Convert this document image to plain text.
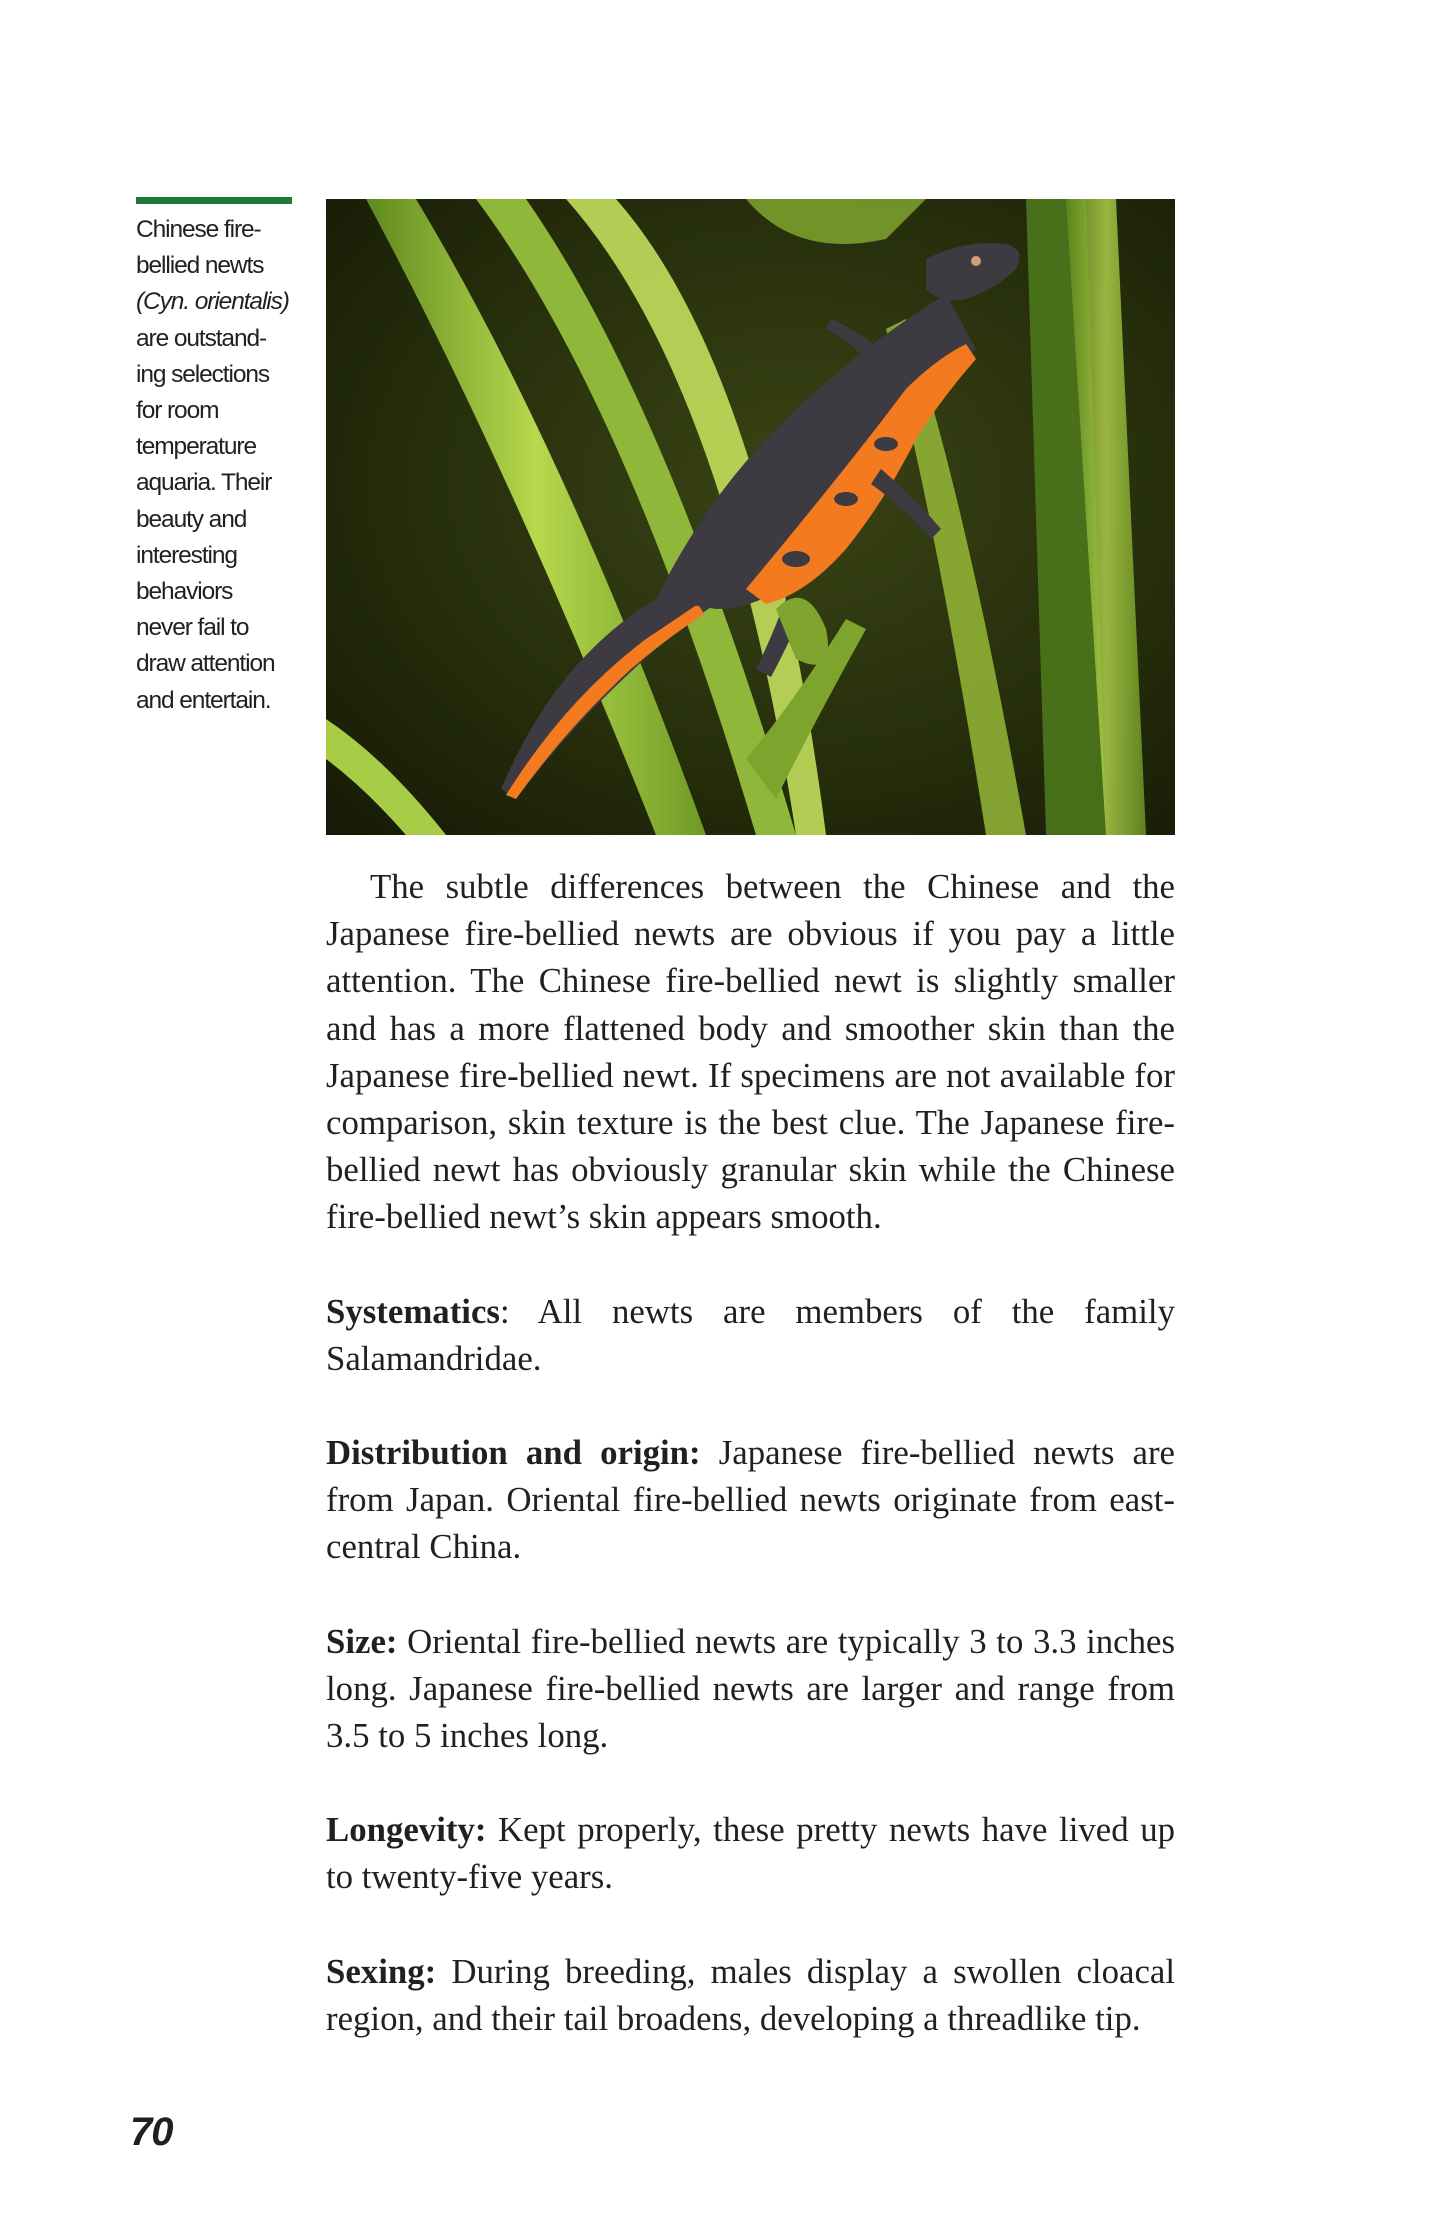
Chinese fire-
bellied newts
(Cyn. orientalis)
are outstand-
ing selections
for room
temperature
aquaria. Their
beauty and
interesting
behaviors
never fail to
draw attention
and entertain.

The subtle differences between the Chinese and the Japanese fire-bellied newts are obvious if you pay a little attention. The Chinese fire-bellied newt is slightly smaller and has a more flattened body and smoother skin than the Japanese fire-bellied newt. If specimens are not available for comparison, skin texture is the best clue. The Japanese fire-bellied newt has obviously granular skin while the Chinese fire-bellied newt’s skin appears smooth.

Systematics: All newts are members of the family Salamandridae.

Distribution and origin: Japanese fire-bellied newts are from Japan. Oriental fire-bellied newts originate from east-central China.

Size: Oriental fire-bellied newts are typically 3 to 3.3 inches long. Japanese fire-bellied newts are larger and range from 3.5 to 5 inches long.

Longevity: Kept properly, these pretty newts have lived up to twenty-five years.

Sexing: During breeding, males display a swollen cloacal region, and their tail broadens, developing a threadlike tip.

70
